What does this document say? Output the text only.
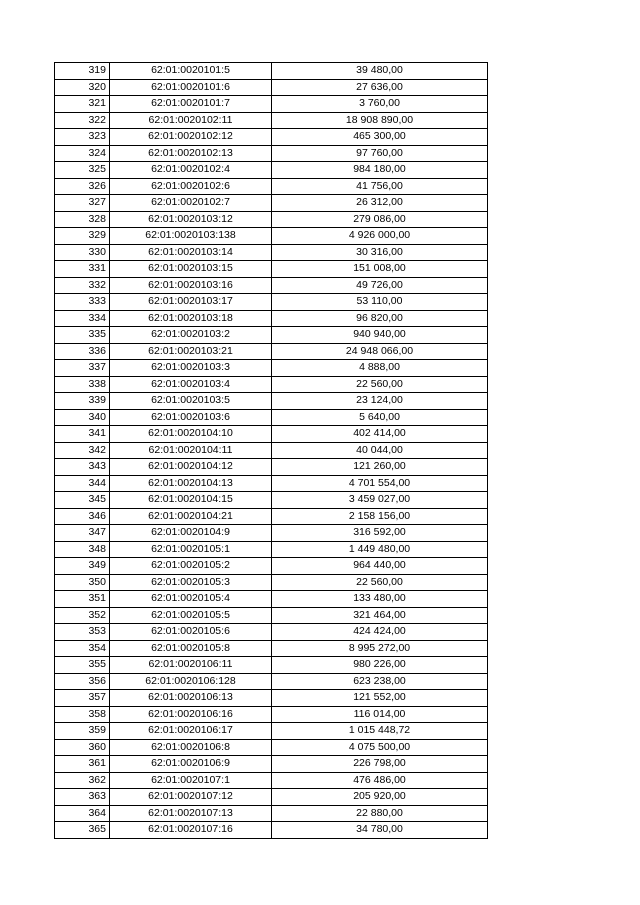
319	62:01:0020101:5	39 480,00
320	62:01:0020101:6	27 636,00
321	62:01:0020101:7	3 760,00
322	62:01:0020102:11	18 908 890,00
323	62:01:0020102:12	465 300,00
324	62:01:0020102:13	97 760,00
325	62:01:0020102:4	984 180,00
326	62:01:0020102:6	41 756,00
327	62:01:0020102:7	26 312,00
328	62:01:0020103:12	279 086,00
329	62:01:0020103:138	4 926 000,00
330	62:01:0020103:14	30 316,00
331	62:01:0020103:15	151 008,00
332	62:01:0020103:16	49 726,00
333	62:01:0020103:17	53 110,00
334	62:01:0020103:18	96 820,00
335	62:01:0020103:2	940 940,00
336	62:01:0020103:21	24 948 066,00
337	62:01:0020103:3	4 888,00
338	62:01:0020103:4	22 560,00
339	62:01:0020103:5	23 124,00
340	62:01:0020103:6	5 640,00
341	62:01:0020104:10	402 414,00
342	62:01:0020104:11	40 044,00
343	62:01:0020104:12	121 260,00
344	62:01:0020104:13	4 701 554,00
345	62:01:0020104:15	3 459 027,00
346	62:01:0020104:21	2 158 156,00
347	62:01:0020104:9	316 592,00
348	62:01:0020105:1	1 449 480,00
349	62:01:0020105:2	964 440,00
350	62:01:0020105:3	22 560,00
351	62:01:0020105:4	133 480,00
352	62:01:0020105:5	321 464,00
353	62:01:0020105:6	424 424,00
354	62:01:0020105:8	8 995 272,00
355	62:01:0020106:11	980 226,00
356	62:01:0020106:128	623 238,00
357	62:01:0020106:13	121 552,00
358	62:01:0020106:16	116 014,00
359	62:01:0020106:17	1 015 448,72
360	62:01:0020106:8	4 075 500,00
361	62:01:0020106:9	226 798,00
362	62:01:0020107:1	476 486,00
363	62:01:0020107:12	205 920,00
364	62:01:0020107:13	22 880,00
365	62:01:0020107:16	34 780,00
